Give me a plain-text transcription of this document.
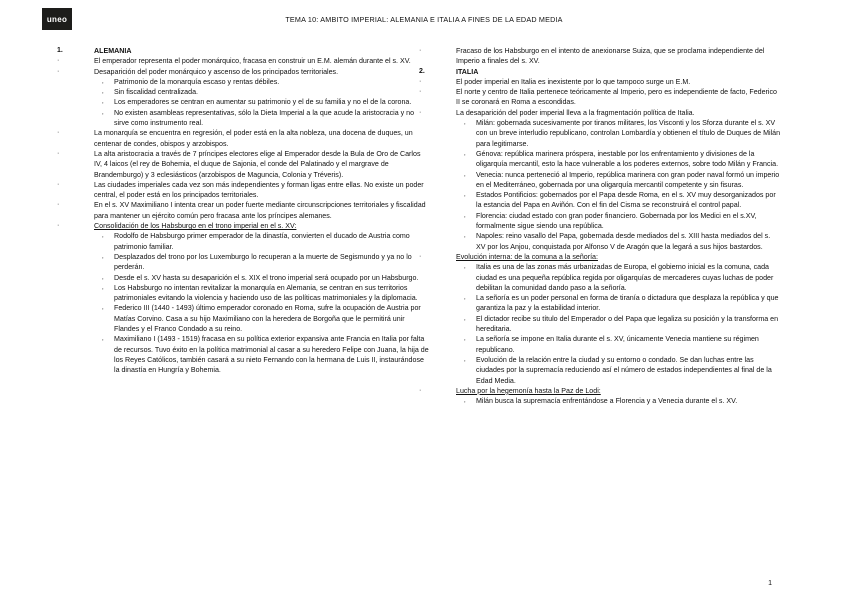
uneo	TEMA 10: AMBITO IMPERIAL: ALEMANIA E ITALIA A FINES DE LA EDAD MEDIA
1.	ALEMANIA
·	El emperador representa el poder monárquico, fracasa en construir un E.M. alemán durante el s. XV.
·	Desaparición del poder monárquico y ascenso de los principados territoriales.
, Patrimonio de la monarquía escaso y rentas débiles.
, Sin fiscalidad centralizada.
, Los emperadores se centran en aumentar su patrimonio y el de su familia y no el de la corona.
, No existen asambleas representativas, sólo la Dieta Imperial a la que acude la aristocracia y no sirve como instrumento real.
·	La monarquía se encuentra en regresión, el poder está en la alta nobleza, una docena de duques, un centenar de condes, obispos y arzobispos.
·	La alta aristocracia a través de 7 príncipes electores elige al Emperador desde la Bula de Oro de Carlos IV, 4 laicos (el rey de Bohemia, el duque de Sajonia, el conde del Palatinado y el margrave de Brandemburgo) y 3 eclesiásticos (arzobispos de Maguncia, Colonia y Tréveris).
·	Las ciudades imperiales cada vez son más independientes y forman ligas entre ellas. No existe un poder central, el poder está en los principados territoriales.
·	En el s. XV Maximiliano I intenta crear un poder fuerte mediante circunscripciones territoriales y fiscalidad para mantener un ejército común pero fracasa ante los príncipes alemanes.
·	Consolidación de los Habsburgo en el trono imperial en el s. XV:
, Rodolfo de Habsburgo primer emperador de la dinastía, convierten el ducado de Austria como patrimonio familiar.
, Desplazados del trono por los Luxemburgo lo recuperan a la muerte de Segismundo y ya no lo perderán.
, Desde el s. XV hasta su desaparición el s. XIX el trono imperial será ocupado por un Habsburgo.
, Los Habsburgo no intentan revitalizar la monarquía en Alemania, se centran en sus territorios patrimoniales evitando la violencia y haciendo uso de las políticas matrimoniales y la diplomacia.
, Federico III (1440 - 1493) último emperador coronado en Roma, sufre la ocupación de Austria por Matías Corvino. Casa a su hijo Maximiliano con la heredera de Borgoña que le permitirá unir Flandes y el Franco Condado a su reino.
, Maximiliano I (1493 - 1519) fracasa en su política exterior expansiva ante Francia en Italia por falta de recursos. Tuvo éxito en la política matrimonial al casar a su heredero Felipe con Juana, la hija de los Reyes Católicos, también casará a su nieto Fernando con la hermana de Luis II, instaurándose la dinastía en Hungría y Bohemia.
·	Fracaso de los Habsburgo en el intento de anexionarse Suiza, que se proclama independiente del Imperio a finales del s. XV.
2.	ITALIA
·	El poder imperial en Italia es inexistente por lo que tampoco surge un E.M.
·	El norte y centro de Italia pertenece teóricamente al Imperio, pero es independiente de facto, Federico II se coronará en Roma a escondidas.
·	La desaparición del poder imperial lleva a la fragmentación política de Italia.
, Milán: gobernada sucesivamente por tiranos militares, los Visconti y los Sforza durante el s. XV con un breve interludio republicano, controlan Lombardía y obtienen el título de Duques de Milán para legitimarse.
, Génova: república marinera próspera, inestable por los enfrentamiento y divisiones de la oligarquía mercantil, esto la hace vulnerable a los poderes externos, sobre todo Milán y Francia.
, Venecia: nunca perteneció al Imperio, república marinera con gran poder naval formó un imperio en el Mediterráneo, gobernada por una oligarquía mercantil competente y sin fisuras.
, Estados Pontificios: gobernados por el Papa desde Roma, en el s. XV muy desorganizados por la estancia del Papa en Aviñón. Con el fin del Cisma se reconstruirá el control papal.
, Florencia: ciudad estado con gran poder financiero. Gobernada por los Medici en el s.XV, formalmente sigue siendo una república.
, Napoles: reino vasallo del Papa, gobernada desde mediados del s. XIII hasta mediados del s. XV por los Anjou, conquistada por Alfonso V de Aragón que la legará a sus hijos bastardos.
·	Evolución interna: de la comuna a la señoría:
, Italia es una de las zonas más urbanizadas de Europa, el gobierno inicial es la comuna, cada ciudad es una pequeña república regida por oligarquías de mercaderes cuyas luchas de poder debilitan la comunidad dando paso a la señoría.
, La señoría es un poder personal en forma de tiranía o dictadura que desplaza la república y que garantiza la paz y la estabilidad interior.
, El dictador recibe su título del Emperador o del Papa que legaliza su posición y la transforma en hereditaria.
, La señoría se impone en Italia durante el s. XV, únicamente Venecia mantiene su régimen republicano.
, Evolución de la relación entre la ciudad y su entorno o condado. Se dan luchas entre las ciudades por la supremacía reduciendo así el número de estados independientes al final de la Edad Media.
·	Lucha por la hegemonía hasta la Paz de Lodi:
, Milán busca la supremacía enfrentándose a Florencia y a Venecia durante el s. XV.
1
